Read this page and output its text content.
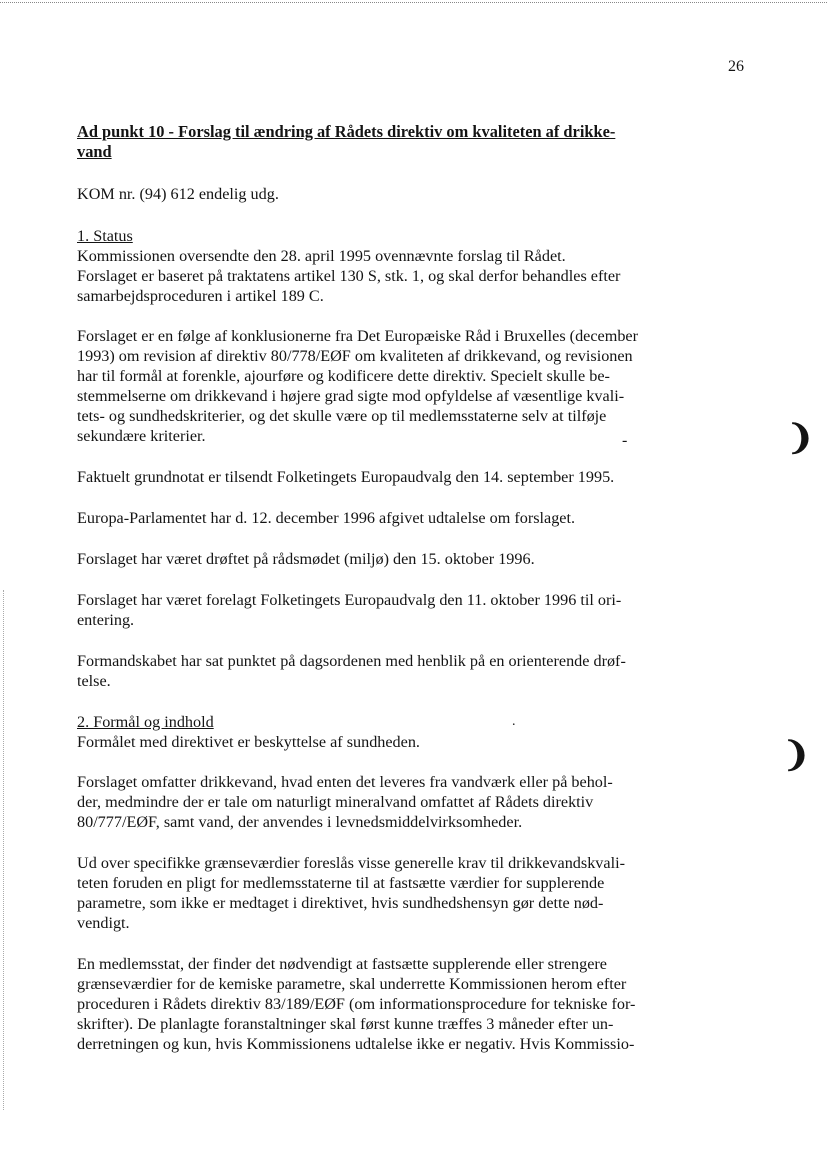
26
❩
❩
-
.
Ad punkt 10 - Forslag til ændring af Rådets direktiv om kvaliteten af drikke-
vand
KOM nr. (94) 612 endelig udg.
1. Status
Kommissionen oversendte den 28. april 1995 ovennævnte forslag til Rådet.
Forslaget er baseret på traktatens artikel 130 S, stk. 1, og skal derfor behandles efter
samarbejdsproceduren i artikel 189 C.
Forslaget er en følge af konklusionerne fra Det Europæiske Råd i Bruxelles (december
1993) om revision af direktiv 80/778/EØF om kvaliteten af drikkevand, og revisionen
har til formål at forenkle, ajourføre og kodificere dette direktiv. Specielt skulle be-
stemmelserne om drikkevand i højere grad sigte mod opfyldelse af væsentlige kvali-
tets- og sundhedskriterier, og det skulle være op til medlemsstaterne selv at tilføje
sekundære kriterier.
Faktuelt grundnotat er tilsendt Folketingets Europaudvalg den 14. september 1995.
Europa-Parlamentet har d. 12. december 1996 afgivet udtalelse om forslaget.
Forslaget har været drøftet på rådsmødet (miljø) den 15. oktober 1996.
Forslaget har været forelagt Folketingets Europaudvalg den 11. oktober 1996 til ori-
entering.
Formandskabet har sat punktet på dagsordenen med henblik på en orienterende drøf-
telse.
2. Formål og indhold
Formålet med direktivet er beskyttelse af sundheden.
Forslaget omfatter drikkevand, hvad enten det leveres fra vandværk eller på behol-
der, medmindre der er tale om naturligt mineralvand omfattet af Rådets direktiv
80/777/EØF, samt vand, der anvendes i levnedsmiddelvirksomheder.
Ud over specifikke grænseværdier foreslås visse generelle krav til drikkevandskvali-
teten foruden en pligt for medlemsstaterne til at fastsætte værdier for supplerende
parametre, som ikke er medtaget i direktivet, hvis sundhedshensyn gør dette nød-
vendigt.
En medlemsstat, der finder det nødvendigt at fastsætte supplerende eller strengere
grænseværdier for de kemiske parametre, skal underrette Kommissionen herom efter
proceduren i Rådets direktiv 83/189/EØF (om informationsprocedure for tekniske for-
skrifter). De planlagte foranstaltninger skal først kunne træffes 3 måneder efter un-
derretningen og kun, hvis Kommissionens udtalelse ikke er negativ. Hvis Kommissio-
